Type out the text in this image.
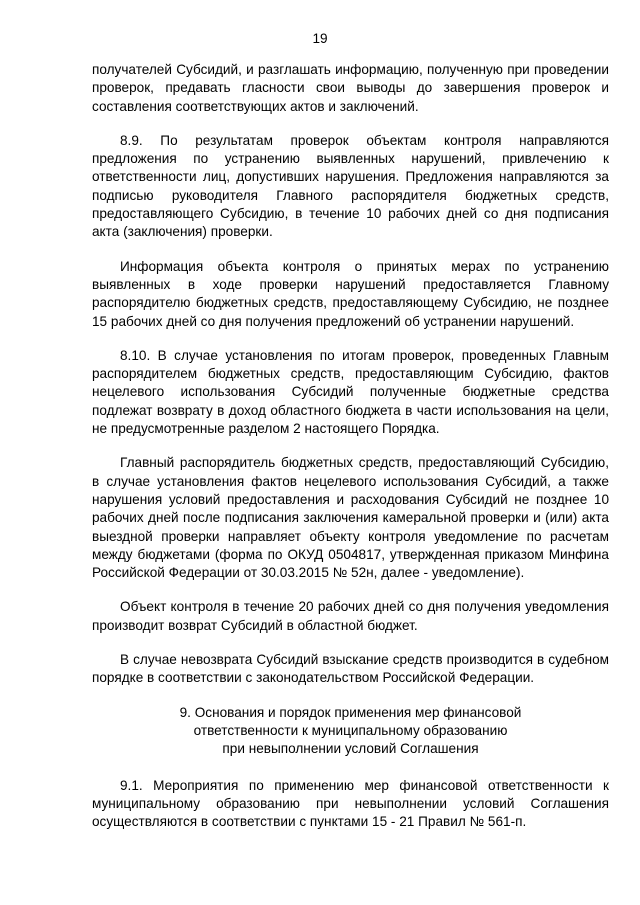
19

получателей Субсидий, и разглашать информацию, полученную при проведении проверок, предавать гласности свои выводы до завершения проверок и составления соответствующих актов и заключений.

8.9. По результатам проверок объектам контроля направляются предложения по устранению выявленных нарушений, привлечению к ответственности лиц, допустивших нарушения. Предложения направляются за подписью руководителя Главного распорядителя бюджетных средств, предоставляющего Субсидию, в течение 10 рабочих дней со дня подписания акта (заключения) проверки.

Информация объекта контроля о принятых мерах по устранению выявленных в ходе проверки нарушений предоставляется Главному распорядителю бюджетных средств, предоставляющему Субсидию, не позднее 15 рабочих дней со дня получения предложений об устранении нарушений.

8.10. В случае установления по итогам проверок, проведенных Главным распорядителем бюджетных средств, предоставляющим Субсидию, фактов нецелевого использования Субсидий полученные бюджетные средства подлежат возврату в доход областного бюджета в части использования на цели, не предусмотренные разделом 2 настоящего Порядка.

Главный распорядитель бюджетных средств, предоставляющий Субсидию, в случае установления фактов нецелевого использования Субсидий, а также нарушения условий предоставления и расходования Субсидий не позднее 10 рабочих дней после подписания заключения камеральной проверки и (или) акта выездной проверки направляет объекту контроля уведомление по расчетам между бюджетами (форма по ОКУД 0504817, утвержденная приказом Минфина Российской Федерации от 30.03.2015 № 52н, далее - уведомление).

Объект контроля в течение 20 рабочих дней со дня получения уведомления производит возврат Субсидий в областной бюджет.

В случае невозврата Субсидий взыскание средств производится в судебном порядке в соответствии с законодательством Российской Федерации.

9. Основания и порядок применения мер финансовой
ответственности к муниципальному образованию
при невыполнении условий Соглашения

9.1. Мероприятия по применению мер финансовой ответственности к муниципальному образованию при невыполнении условий Соглашения осуществляются в соответствии с пунктами 15 - 21 Правил № 561-п.
